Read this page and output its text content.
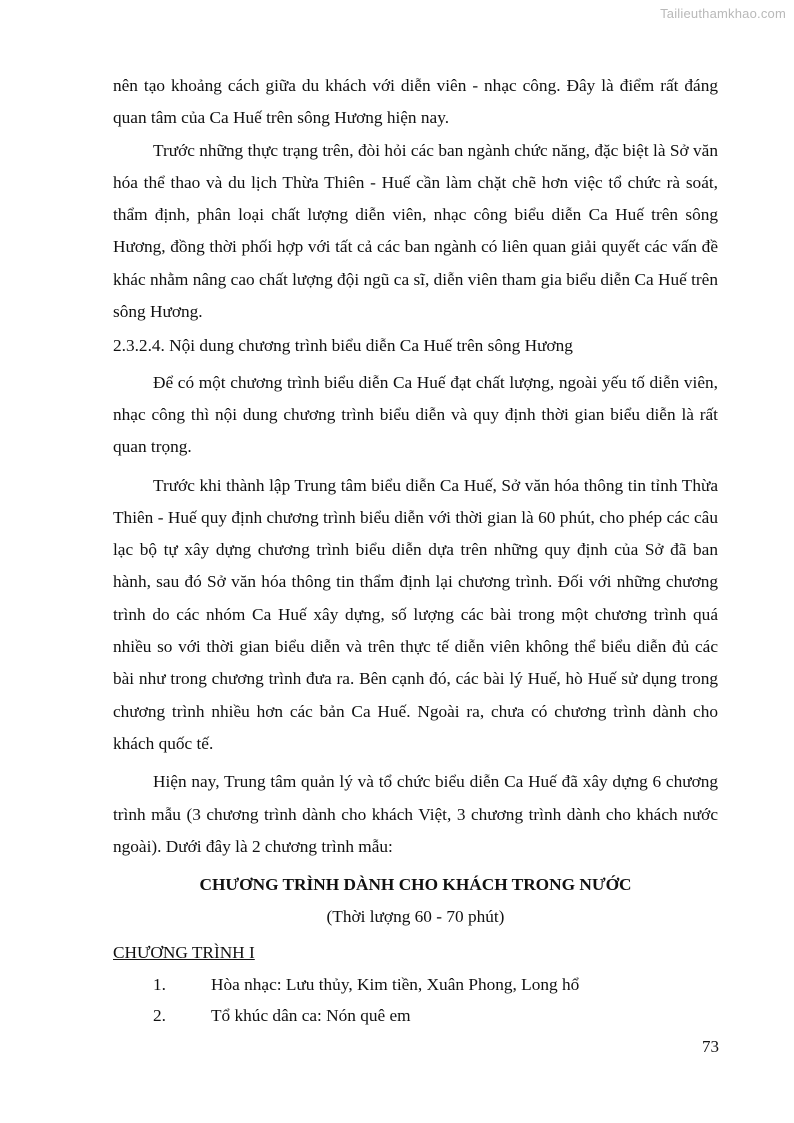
Tailieuthamkhao.com

nên tạo khoảng cách giữa du khách với diễn viên - nhạc công. Đây là điểm rất đáng quan tâm của Ca Huế trên sông Hương hiện nay.

Trước những thực trạng trên, đòi hỏi các ban ngành chức năng, đặc biệt là Sở văn hóa thể thao và du lịch Thừa Thiên - Huế cần làm chặt chẽ hơn việc tổ chức rà soát, thẩm định, phân loại chất lượng diễn viên, nhạc công biểu diễn Ca Huế trên sông Hương, đồng thời phối hợp với tất cả các ban ngành có liên quan giải quyết các vấn đề khác nhằm nâng cao chất lượng đội ngũ ca sĩ, diễn viên tham gia biểu diễn Ca Huế trên sông Hương.

2.3.2.4. Nội dung chương trình biểu diễn Ca Huế trên sông Hương

Để có một chương trình biểu diễn Ca Huế đạt chất lượng, ngoài yếu tố diễn viên, nhạc công thì nội dung chương trình biểu diễn và quy định thời gian biểu diễn là rất quan trọng.

Trước khi thành lập Trung tâm biểu diễn Ca Huế, Sở văn hóa thông tin tỉnh Thừa Thiên - Huế quy định chương trình biểu diễn với thời gian là 60 phút, cho phép các câu lạc bộ tự xây dựng chương trình biểu diễn dựa trên những quy định của Sở đã ban hành, sau đó Sở văn hóa thông tin thẩm định lại chương trình. Đối với những chương trình do các nhóm Ca Huế xây dựng, số lượng các bài trong một chương trình quá nhiều so với thời gian biểu diễn và trên thực tế diễn viên không thể biểu diễn đủ các bài như trong chương trình đưa ra. Bên cạnh đó, các bài lý Huế, hò Huế sử dụng trong chương trình nhiều hơn các bản Ca Huế. Ngoài ra, chưa có chương trình dành cho khách quốc tế.

Hiện nay, Trung tâm quản lý và tổ chức biểu diễn Ca Huế đã xây dựng 6 chương trình mẫu (3 chương trình dành cho khách Việt, 3 chương trình dành cho khách nước ngoài). Dưới đây là 2 chương trình mẫu:

CHƯƠNG TRÌNH DÀNH CHO KHÁCH TRONG NƯỚC
(Thời lượng 60 - 70 phút)
CHƯƠNG TRÌNH I
1.	Hòa nhạc: Lưu thủy, Kim tiền, Xuân Phong, Long hổ
2.	Tổ khúc dân ca: Nón quê em
73
